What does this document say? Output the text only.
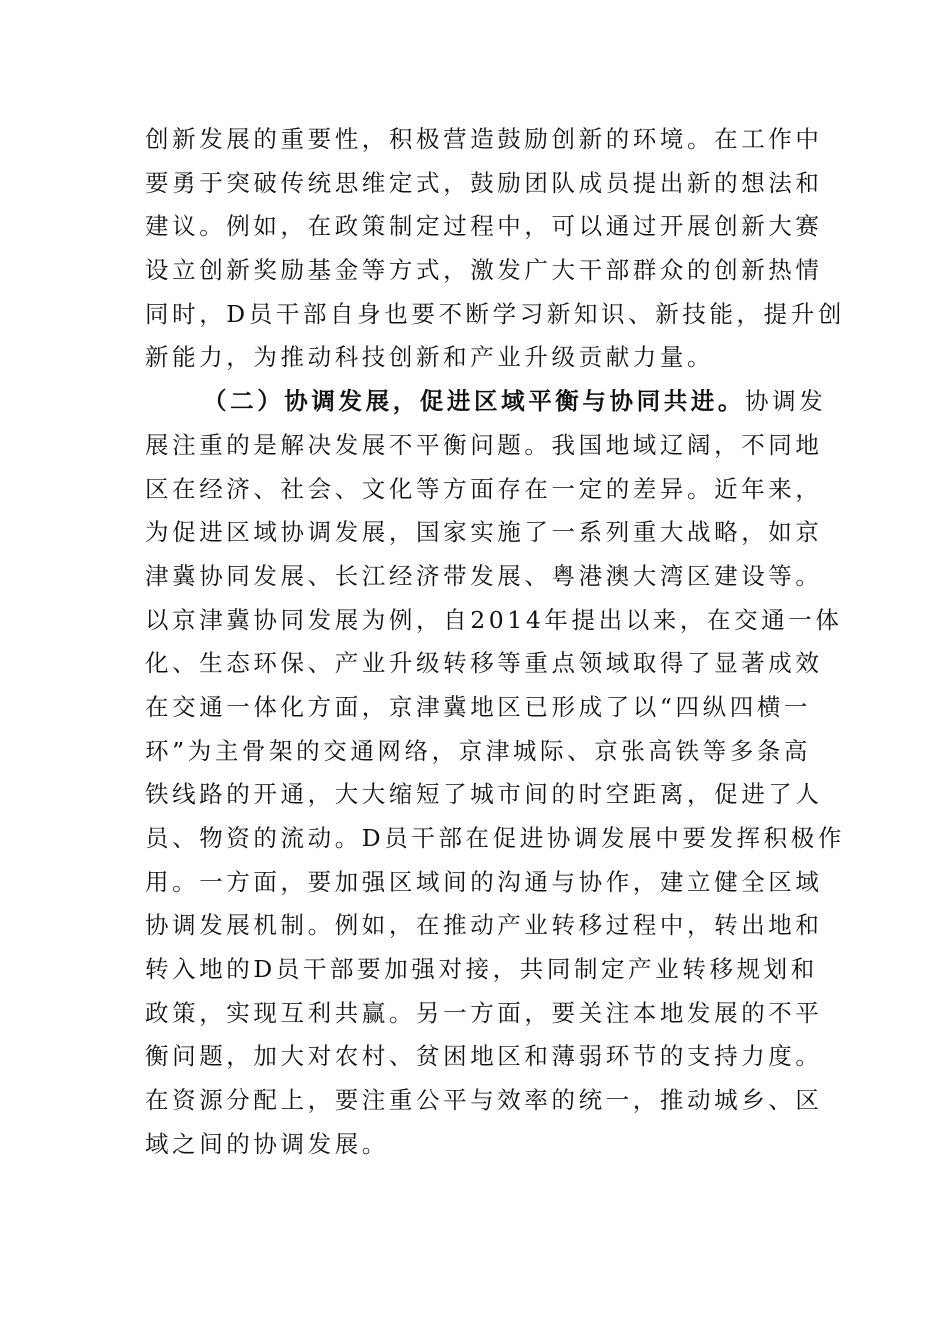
创新发展的重要性，积极营造鼓励创新的环境。在工作中
要勇于突破传统思维定式，鼓励团队成员提出新的想法和
建议。例如，在政策制定过程中，可以通过开展创新大赛
设立创新奖励基金等方式，激发广大干部群众的创新热情
同时，D员干部自身也要不断学习新知识、新技能，提升创
新能力，为推动科技创新和产业升级贡献力量。
（二）协调发展，促进区域平衡与协同共进。协调发
展注重的是解决发展不平衡问题。我国地域辽阔，不同地
区在经济、社会、文化等方面存在一定的差异。近年来，
为促进区域协调发展，国家实施了一系列重大战略，如京
津冀协同发展、长江经济带发展、粤港澳大湾区建设等。
以京津冀协同发展为例，自2014年提出以来，在交通一体
化、生态环保、产业升级转移等重点领域取得了显著成效
在交通一体化方面，京津冀地区已形成了以“四纵四横一
环”为主骨架的交通网络，京津城际、京张高铁等多条高
铁线路的开通，大大缩短了城市间的时空距离，促进了人
员、物资的流动。D员干部在促进协调发展中要发挥积极作
用。一方面，要加强区域间的沟通与协作，建立健全区域
协调发展机制。例如，在推动产业转移过程中，转出地和
转入地的D员干部要加强对接，共同制定产业转移规划和
政策，实现互利共赢。另一方面，要关注本地发展的不平
衡问题，加大对农村、贫困地区和薄弱环节的支持力度。
在资源分配上，要注重公平与效率的统一，推动城乡、区
域之间的协调发展。
